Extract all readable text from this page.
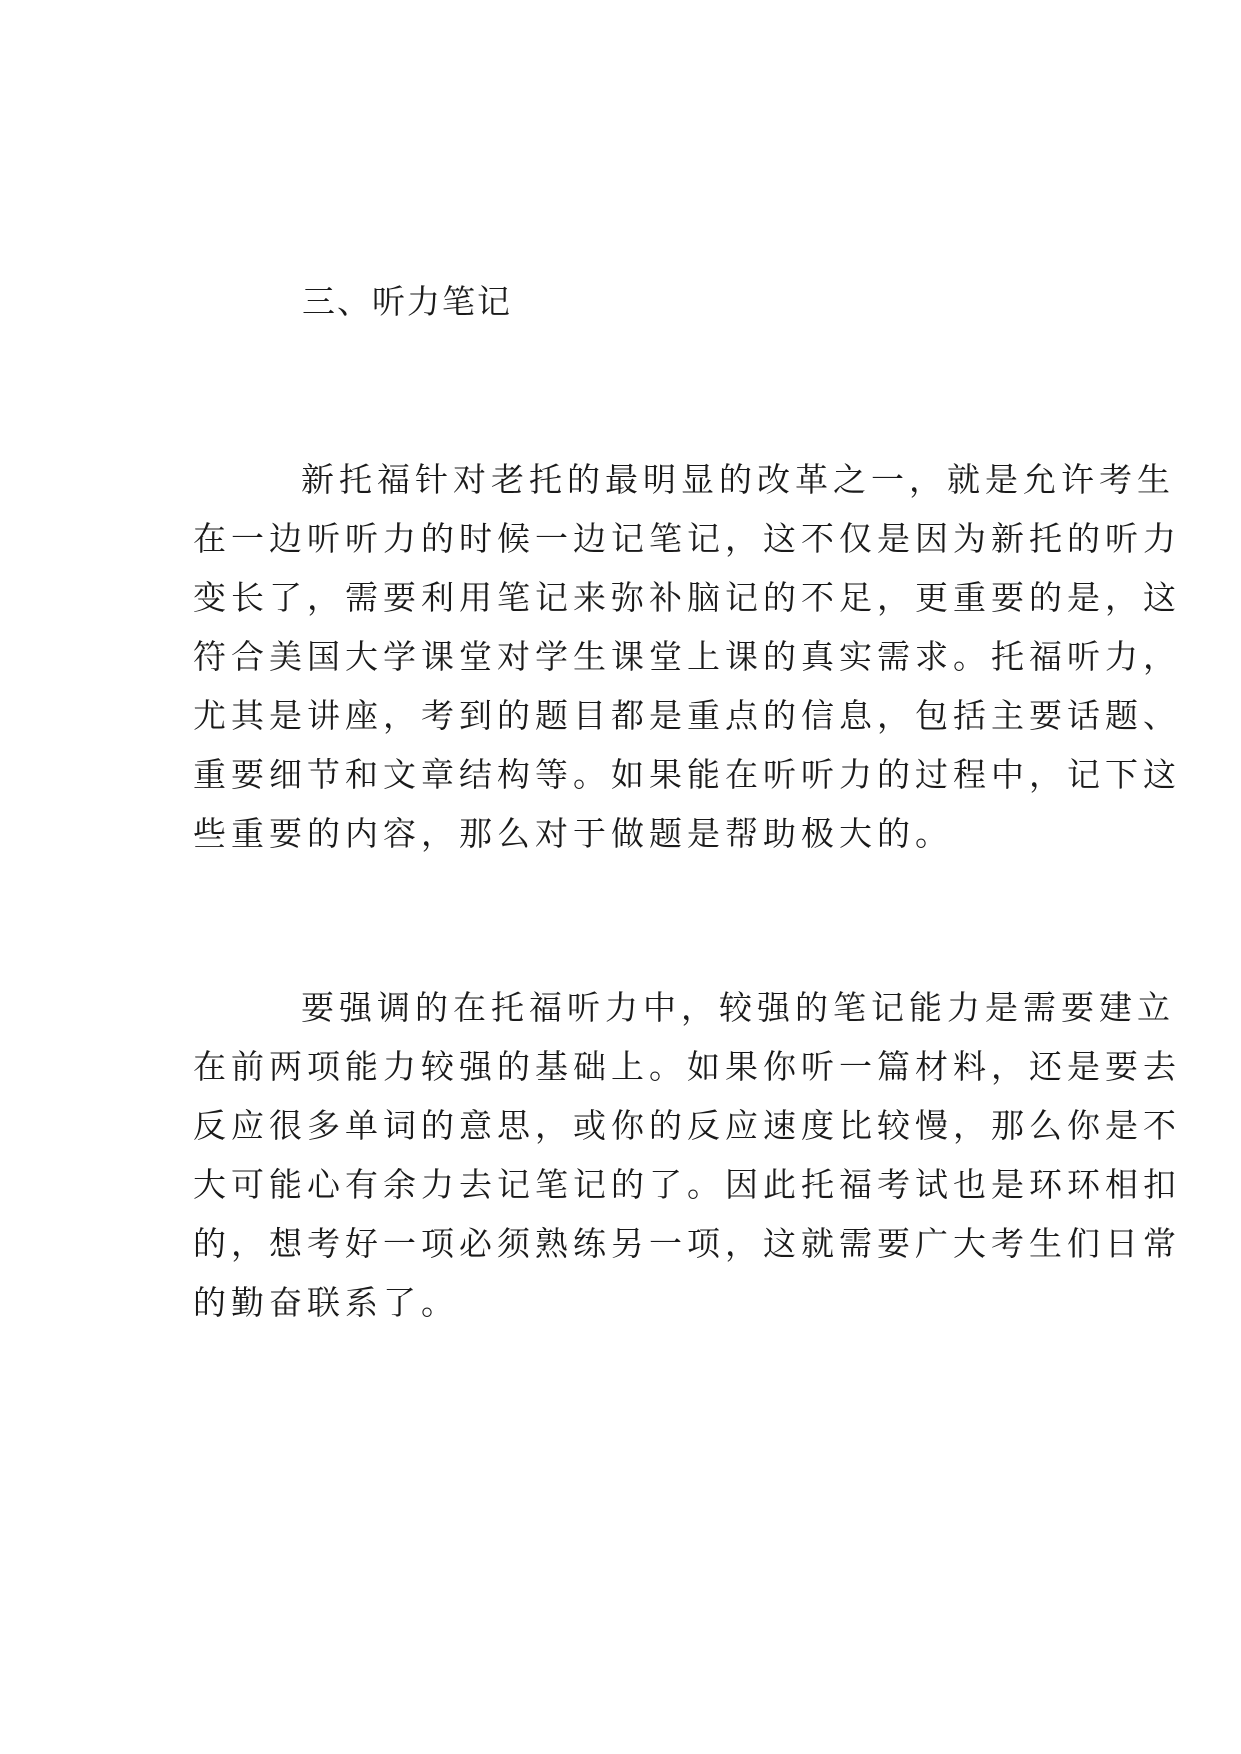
三、听力笔记
新托福针对老托的最明显的改革之一，就是允许考生
在一边听听力的时候一边记笔记，这不仅是因为新托的听力
变长了，需要利用笔记来弥补脑记的不足，更重要的是，这
符合美国大学课堂对学生课堂上课的真实需求。托福听力，
尤其是讲座，考到的题目都是重点的信息，包括主要话题、
重要细节和文章结构等。如果能在听听力的过程中，记下这
些重要的内容，那么对于做题是帮助极大的。
要强调的在托福听力中，较强的笔记能力是需要建立
在前两项能力较强的基础上。如果你听一篇材料，还是要去
反应很多单词的意思，或你的反应速度比较慢，那么你是不
大可能心有余力去记笔记的了。因此托福考试也是环环相扣
的，想考好一项必须熟练另一项，这就需要广大考生们日常
的勤奋联系了。
